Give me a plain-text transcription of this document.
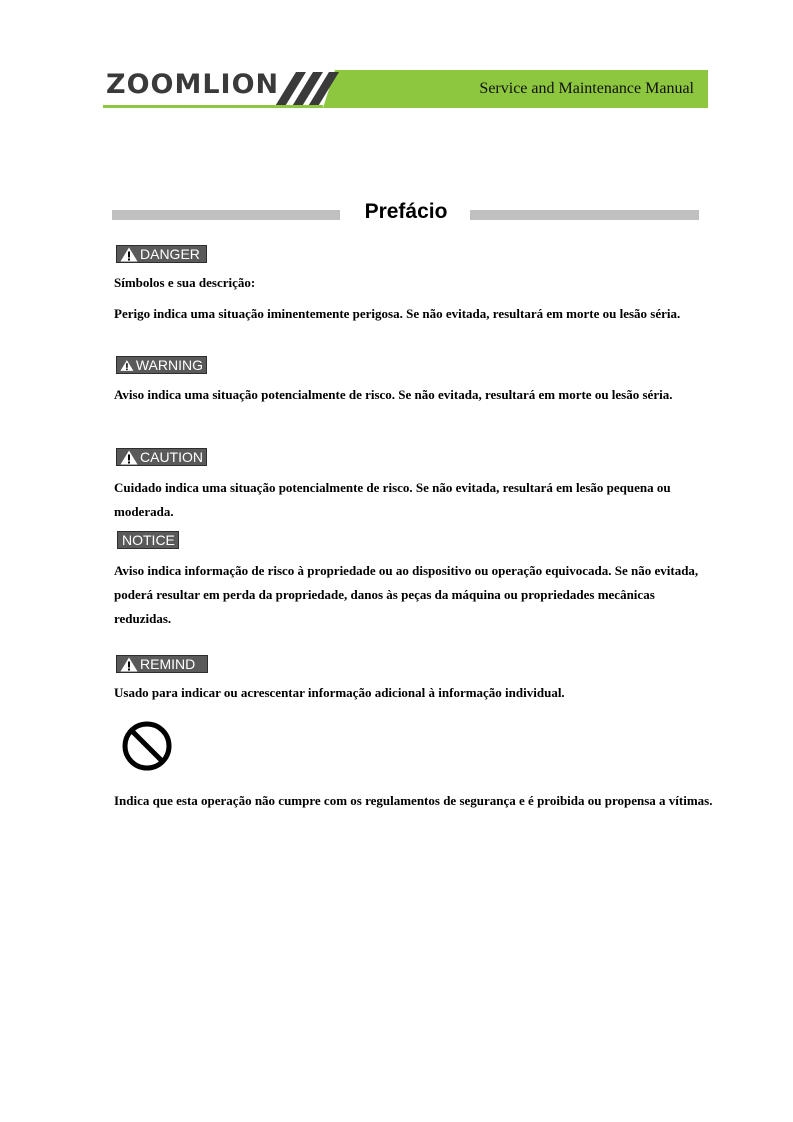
ZOOMLION	Service and Maintenance Manual
Prefácio
DANGER
Símbolos e sua descrição:
Perigo indica uma situação iminentemente perigosa. Se não evitada, resultará em morte ou lesão séria.
WARNING
Aviso indica uma situação potencialmente de risco. Se não evitada, resultará em morte ou lesão séria.
CAUTION
Cuidado indica uma situação potencialmente de risco. Se não evitada, resultará em lesão pequena ou moderada.
NOTICE
Aviso indica informação de risco à propriedade ou ao dispositivo ou operação equivocada. Se não evitada, poderá resultar em perda da propriedade, danos às peças da máquina ou propriedades mecânicas reduzidas.
REMIND
Usado para indicar ou acrescentar informação adicional à informação individual.
Indica que esta operação não cumpre com os regulamentos de segurança e é proibida ou propensa a vítimas.
